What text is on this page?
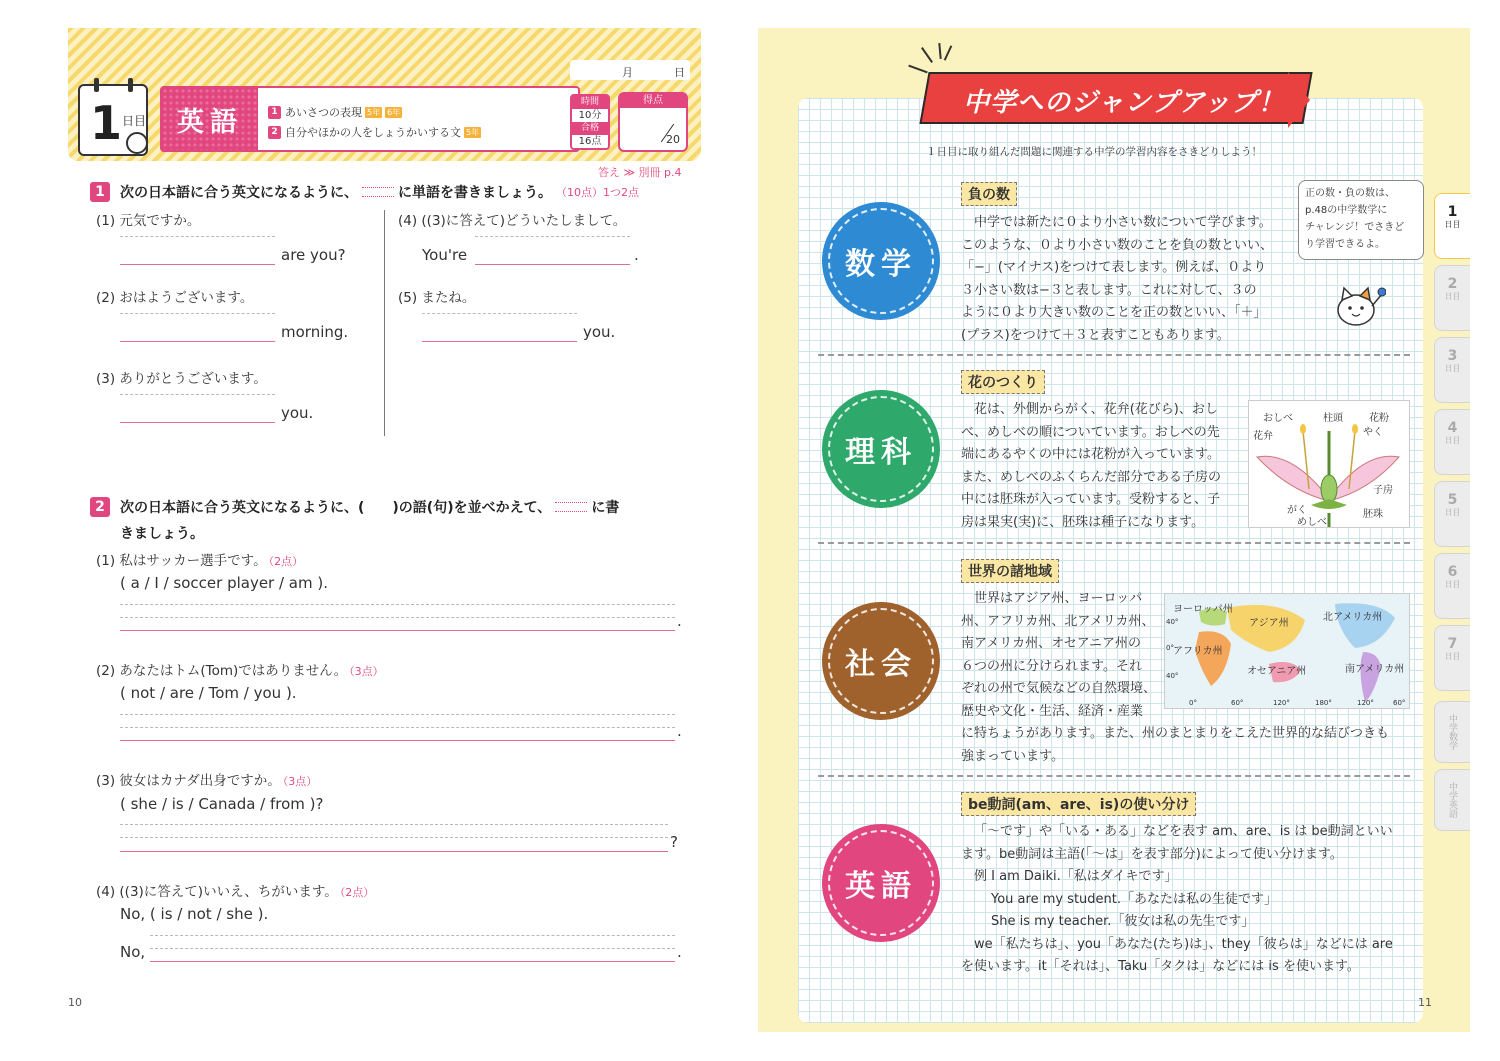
月	日
1 日目	英語	1 あいさつの表現 5年 6年
2 自分やほかの人をしょうかいする文 5年
時間
10分
合格
16点
得点
20
答え ≫ 別冊 p.4
1	次の日本語に合う英文になるように、	に単語を書きましょう。 （10点）1つ2点
(1) 元気ですか。
are you?
(2) おはようございます。
morning.
(3) ありがとうございます。
you.
(4) ((3)に答えて)どういたしまして。
You're	.
(5) またね。
you.
2	次の日本語に合う英文になるように、(　　)の語(句)を並べかえて、	に書
きましょう。
(1) 私はサッカー選手です。 （2点）
( a / I / soccer player / am ).
.
(2) あなたはトム(Tom)ではありません。 （3点）
( not / are / Tom / you ).
.
(3) 彼女はカナダ出身ですか。 （3点）
( she / is / Canada / from )?
?
(4) ((3)に答えて)いいえ、ちがいます。 （2点）
No, ( is / not / she ).
No,	.
10
中学へのジャンプアップ！
１日目に取り組んだ問題に関連する中学の学習内容をさきどりしよう！
正の数・負の数は、
p.48の中学数学に
チャレンジ！でさきど
り学習できるよ。
数学
負の数
中学では新たに０より小さい数について学びます。
このような、０より小さい数のことを負の数といい、
「−」(マイナス)をつけて表します。例えば、０より
３小さい数は−３と表します。これに対して、３の
ように０より大きい数のことを正の数といい、「＋」
(プラス)をつけて＋３と表すこともあります。
理科
花のつくり
花は、外側からがく、花弁(花びら)、おし
べ、めしべの順についています。おしべの先
端にあるやくの中には花粉が入っています。
また、めしべのふくらんだ部分である子房の
中には胚珠が入っています。受粉すると、子
房は果実(実)に、胚珠は種子になります。
おしべ	柱頭	花粉
やく
花弁
子房
がく
めしべ
胚珠
社会
世界の諸地域
世界はアジア州、ヨーロッパ
州、アフリカ州、北アメリカ州、
南アメリカ州、オセアニア州の
６つの州に分けられます。それ
ぞれの州で気候などの自然環境、
歴史や文化・生活、経済・産業
に特ちょうがあります。また、州のまとまりをこえた世界的な結びつきも
強まっています。
ヨーロッパ州
アジア州
北アメリカ州
アフリカ州
オセアニア州	南アメリカ州
40°
0°
40°
0°	60°	120°	180°	120°	60°
英語
be動詞(am、are、is)の使い分け
「〜です」や「いる・ある」などを表す am、are、is は be動詞といい
ます。be動詞は主語(「〜は」を表す部分)によって使い分けます。
例 I am Daiki.「私はダイキです」
You are my student.「あなたは私の生徒です」
She is my teacher.「彼女は私の先生です」
we「私たちは」、you「あなた(たち)は」、they「彼らは」などには are
を使います。it「それは」、Taku「タクは」などには is を使います。
1
日目
2
日目
3
日目
4
日目
5
日目
6
日目
7
日目
中学数学
中学英語
11
